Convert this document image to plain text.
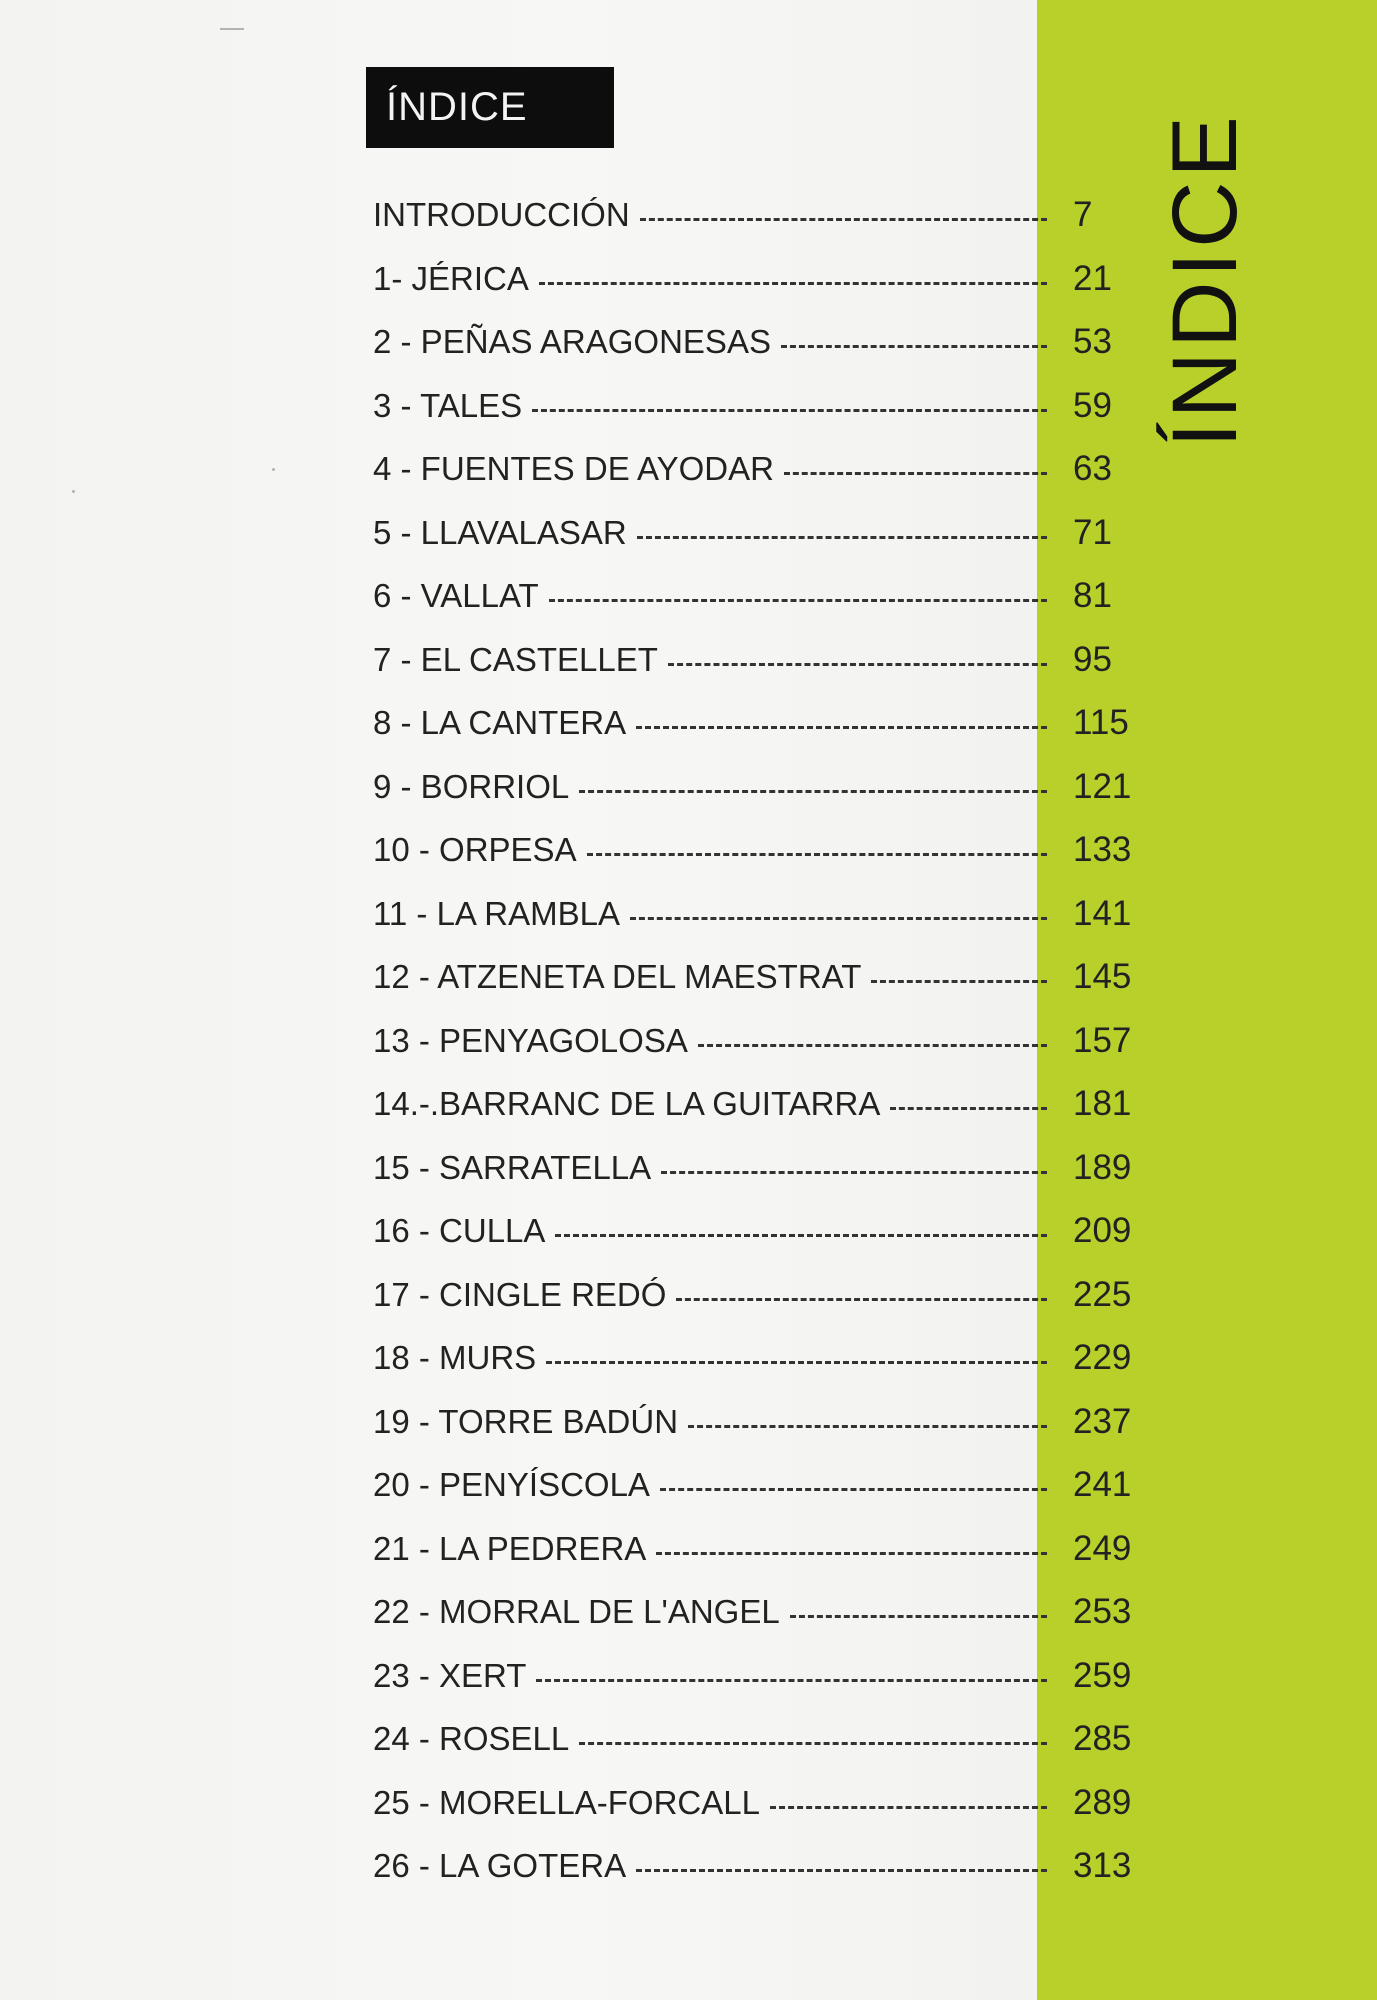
ÍNDICE
ÍNDICE
INTRODUCCIÓN	7
1- JÉRICA	21
2 - PEÑAS ARAGONESAS	53
3 - TALES	59
4 - FUENTES DE AYODAR	63
5 - LLAVALASAR	71
6 - VALLAT	81
7 - EL CASTELLET	95
8 - LA CANTERA	115
9 - BORRIOL	121
10 - ORPESA	133
11 - LA RAMBLA	141
12 - ATZENETA DEL MAESTRAT	145
13 - PENYAGOLOSA	157
14.-.BARRANC DE LA GUITARRA	181
15 - SARRATELLA	189
16 - CULLA	209
17 - CINGLE REDÓ	225
18 - MURS	229
19 - TORRE BADÚN	237
20 - PENYÍSCOLA	241
21 - LA PEDRERA	249
22 - MORRAL DE L'ANGEL	253
23 - XERT	259
24 - ROSELL	285
25 - MORELLA-FORCALL	289
26 - LA GOTERA	313
